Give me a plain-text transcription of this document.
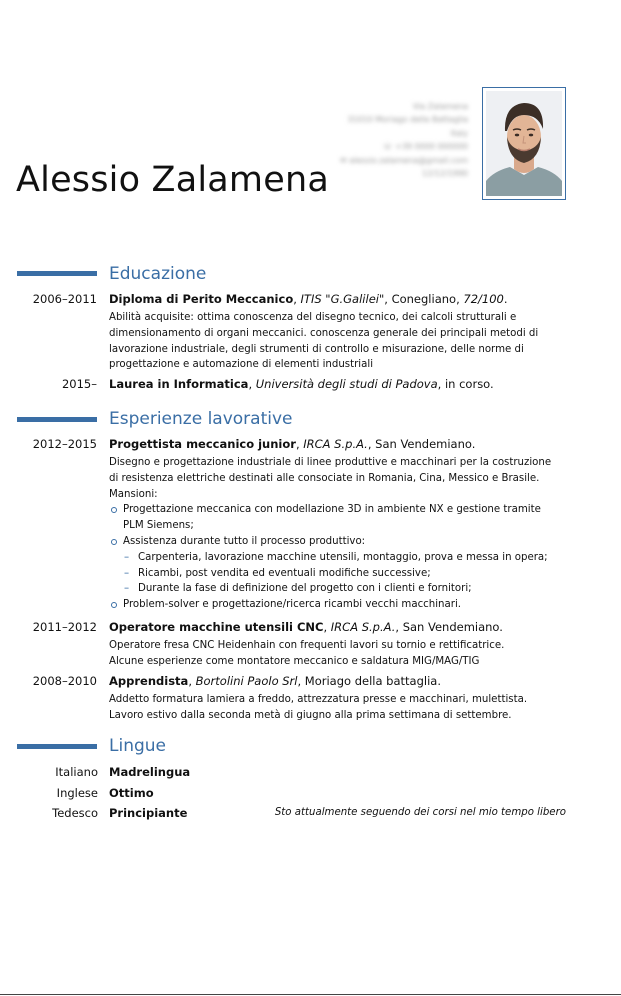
Via Zalamena
31010 Moriago della Battaglia
Italy
☏ +39 0000 000000
✉ alessio.zalamena@gmail.com
12/12/1990
Alessio Zalamena
Educazione
2006–2011 Diploma di Perito Meccanico, ITIS "G.Galilei", Conegliano, 72/100.
Abilità acquisite: ottima conoscenza del disegno tecnico, dei calcoli strutturali e
dimensionamento di organi meccanici. conoscenza generale dei principali metodi di
lavorazione industriale, degli strumenti di controllo e misurazione, delle norme di
progettazione e automazione di elementi industriali
2015– Laurea in Informatica, Università degli studi di Padova, in corso.
Esperienze lavorative
2012–2015 Progettista meccanico junior, IRCA S.p.A., San Vendemiano.
Disegno e progettazione industriale di linee produttive e macchinari per la costruzione
di resistenza elettriche destinati alle consociate in Romania, Cina, Messico e Brasile.
Mansioni:
Progettazione meccanica con modellazione 3D in ambiente NX e gestione tramite
PLM Siemens;
Assistenza durante tutto il processo produttivo:
– Carpenteria, lavorazione macchine utensili, montaggio, prova e messa in opera;
– Ricambi, post vendita ed eventuali modifiche successive;
– Durante la fase di definizione del progetto con i clienti e fornitori;
Problem-solver e progettazione/ricerca ricambi vecchi macchinari.
2011–2012 Operatore macchine utensili CNC, IRCA S.p.A., San Vendemiano.
Operatore fresa CNC Heidenhain con frequenti lavori su tornio e rettificatrice.
Alcune esperienze come montatore meccanico e saldatura MIG/MAG/TIG
2008–2010 Apprendista, Bortolini Paolo Srl, Moriago della battaglia.
Addetto formatura lamiera a freddo, attrezzatura presse e macchinari, mulettista.
Lavoro estivo dalla seconda metà di giugno alla prima settimana di settembre.
Lingue
Italiano Madrelingua
Inglese Ottimo
Tedesco Principiante	Sto attualmente seguendo dei corsi nel mio tempo libero
